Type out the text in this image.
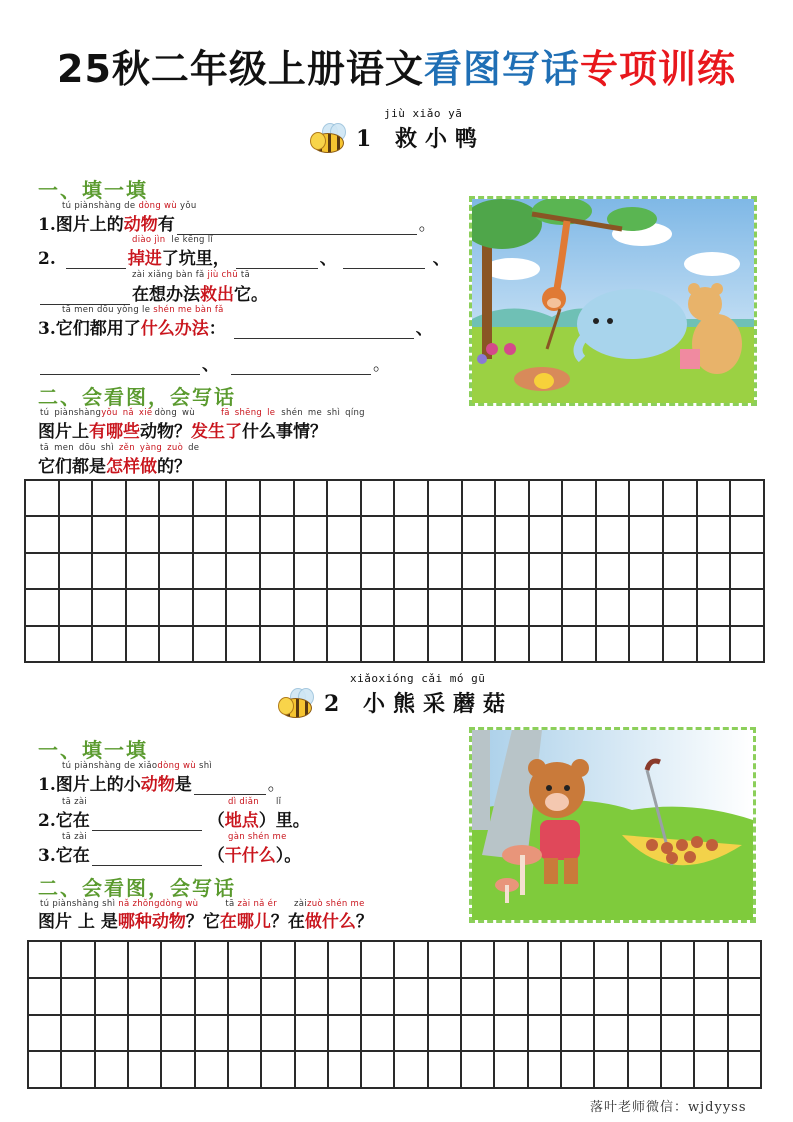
25秋二年级上册语文看图写话专项训练
jiù xiǎo yā
1 救小鸭
一、填一填
tú piànshàng de dòng wù yǒu
1.图片上的 动物 有	。
diào jìn le kēng lǐ
2.	掉进 了坑里，	、	、
zài xiǎng bàn fǎ jiù chū tā
在想办法 救出 它。
tā men dōu yòng le shén me bàn fǎ
3.它们都用了 什么办法 ：	、
、	。
二、会看图，会写话
tú piànshàngyǒu nǎ xiē dòng wù	fā shēng le shén me shì qíng
图片上 有哪些 动物？ 发生了 什么事情？
tā men dōu shì zěn yàng zuò de
它们都是 怎样做 的？

xiǎoxióng cǎi mó gū
2 小熊采蘑菇
一、填一填
tú piànshàng de xiǎodòng wù shì
1.图片上的小 动物 是	。
tā zài	dì diǎn lǐ
2.它在	（ 地点 ）里。
tā zài	gàn shén me
3.它在	（ 干什么 ）。
二、会看图，会写话
tú piànshàng shì nǎ zhǒngdòng wù	tā zài nǎ ér zàizuò shén me
图片 上 是 哪种动物 ？它 在哪儿 ？在 做什么 ？

落叶老师微信：wjdyyss
